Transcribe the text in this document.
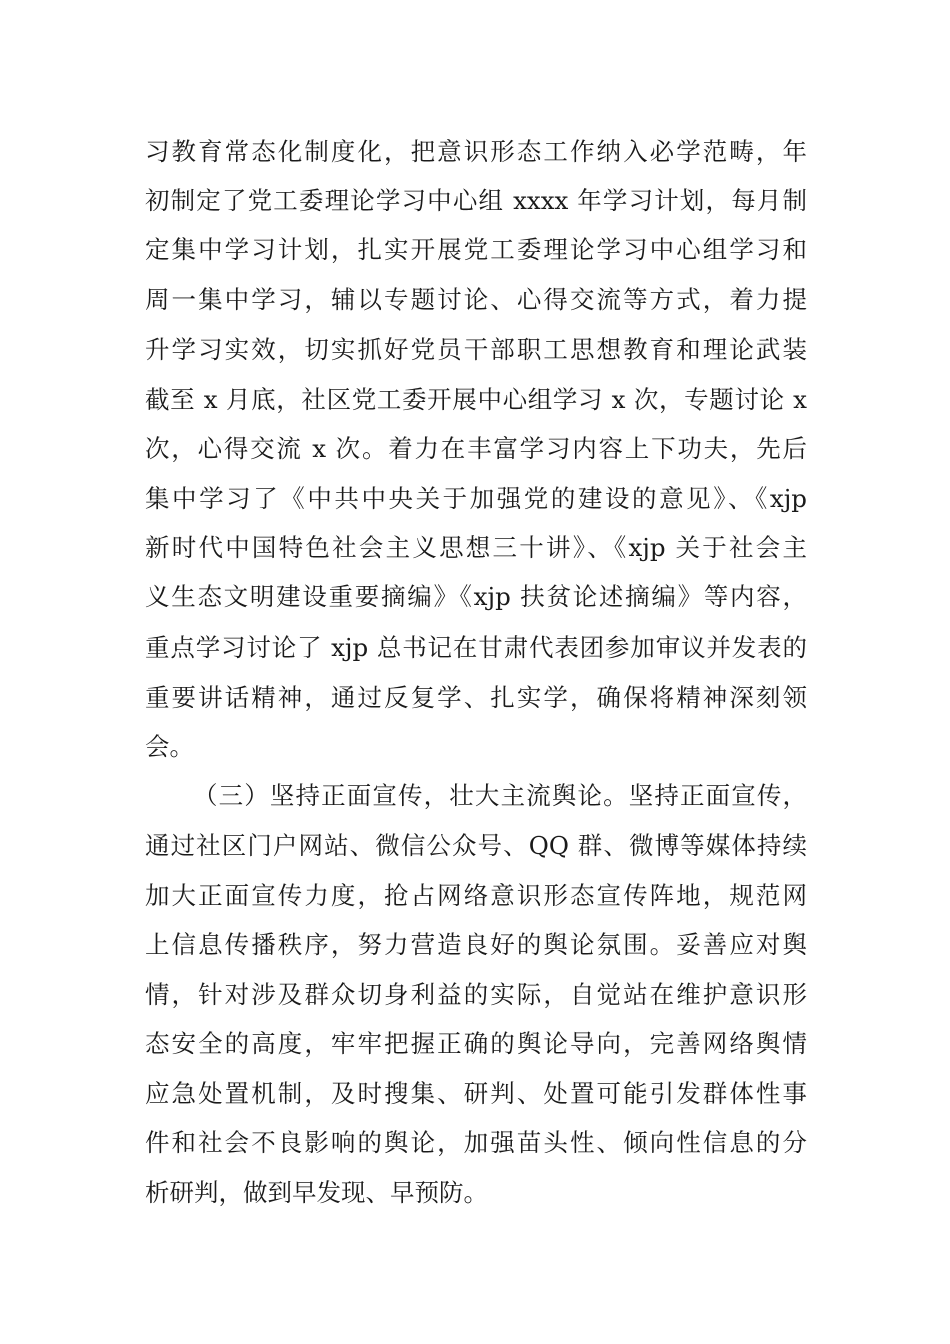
习教育常态化制度化，把意识形态工作纳入必学范畴，年
初制定了党工委理论学习中心组 xxxx 年学习计划，每月制
定集中学习计划，扎实开展党工委理论学习中心组学习和
周一集中学习，辅以专题讨论、心得交流等方式，着力提
升学习实效，切实抓好党员干部职工思想教育和理论武装
截至 x 月底，社区党工委开展中心组学习 x 次，专题讨论 x
次，心得交流 x 次。着力在丰富学习内容上下功夫，先后
集中学习了《中共中央关于加强党的建设的意见》、《xjp
新时代中国特色社会主义思想三十讲》、《xjp 关于社会主
义生态文明建设重要摘编》《xjp 扶贫论述摘编》等内容，
重点学习讨论了 xjp 总书记在甘肃代表团参加审议并发表的
重要讲话精神，通过反复学、扎实学，确保将精神深刻领
会。
（三）坚持正面宣传，壮大主流舆论。坚持正面宣传，
通过社区门户网站、微信公众号、QQ 群、微博等媒体持续
加大正面宣传力度，抢占网络意识形态宣传阵地，规范网
上信息传播秩序，努力营造良好的舆论氛围。妥善应对舆
情，针对涉及群众切身利益的实际，自觉站在维护意识形
态安全的高度，牢牢把握正确的舆论导向，完善网络舆情
应急处置机制，及时搜集、研判、处置可能引发群体性事
件和社会不良影响的舆论，加强苗头性、倾向性信息的分
析研判，做到早发现、早预防。
